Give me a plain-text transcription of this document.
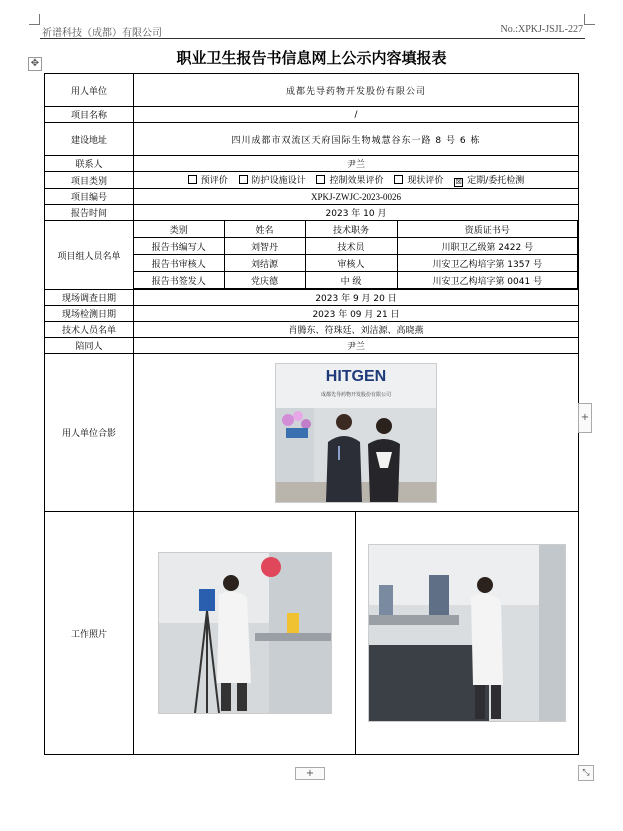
祈谱科技（成都）有限公司	No.:XPKJ-JSJL-227
职业卫生报告书信息网上公示内容填报表
✥
用人单位	成都先导药物开发股份有限公司
项目名称	/
建设地址	四川成都市双流区天府国际生物城慧谷东一路 8 号 6 栋
联系人	尹兰
项目类别	预评价	防护设施设计	控制效果评价	现状评价 ☒ 定期/委托检测
项目编号	XPKJ-ZWJC-2023-0026
报告时间	2023 年 10 月
项目组人员名单	
类别	姓名	技术职务	资质证书号
报告书编写人	刘智丹	技术员	川职卫乙级第 2422 号
报告书审核人	刘结源	审核人	川安卫乙构培字第 1357 号
报告书签发人	党庆德	中 级	川安卫乙构培字第 0041 号

现场调查日期	2023 年 9 月 20 日
现场检测日期	2023 年 09 月 21 日
技术人员名单	肖腾东、符珠廷、刘洁源、高晓燕
陪同人	尹兰
用人单位合影	
HITGEN
成都先导药物开发股份有限公司

工作照片	

+
+	⤡
